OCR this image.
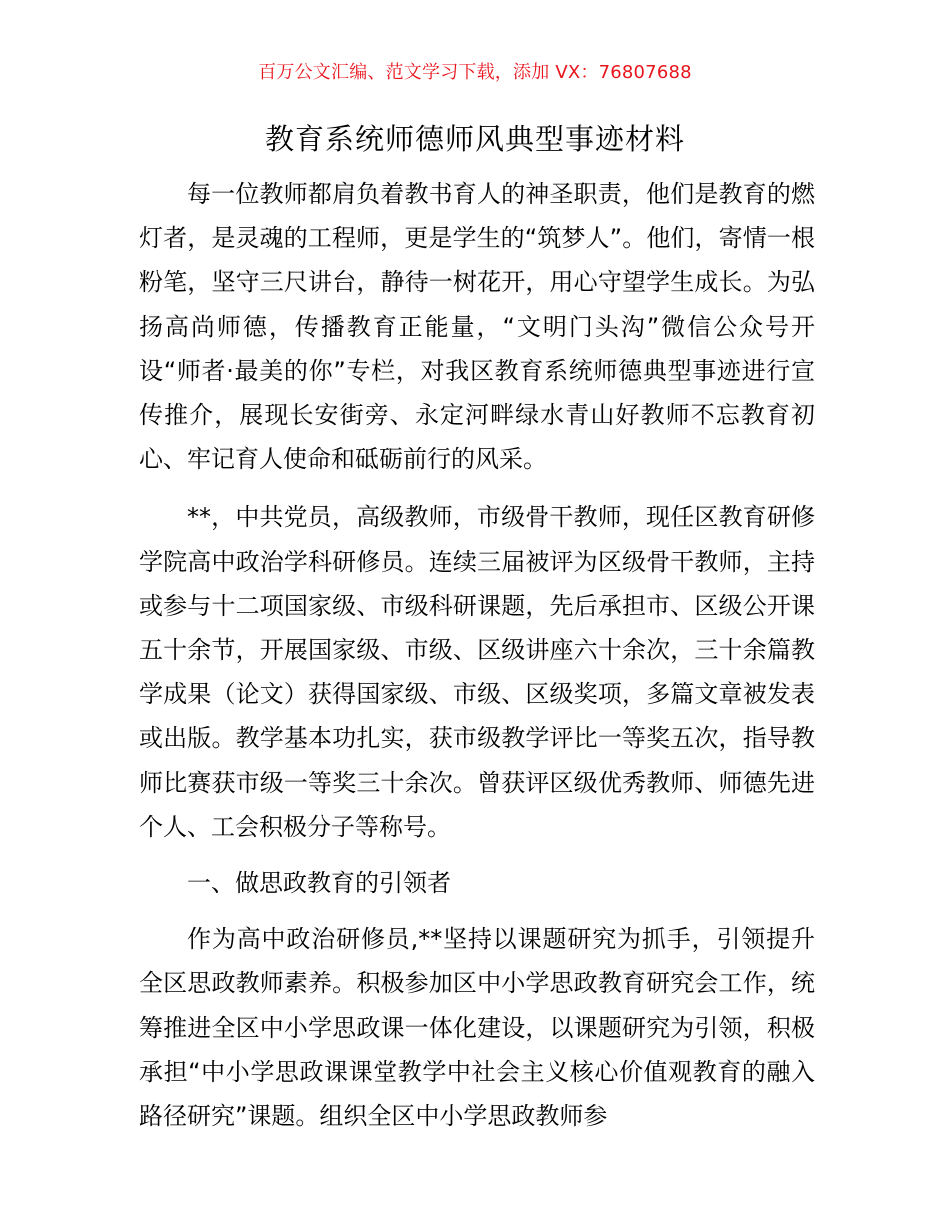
百万公文汇编、范文学习下载，添加 VX：76807688
教育系统师德师风典型事迹材料

每一位教师都肩负着教书育人的神圣职责，他们是教育的燃灯者，是灵魂的工程师，更是学生的“筑梦人”。他们，寄情一根粉笔，坚守三尺讲台，静待一树花开，用心守望学生成长。为弘扬高尚师德，传播教育正能量，“文明门头沟”微信公众号开设“师者·最美的你”专栏，对我区教育系统师德典型事迹进行宣传推介，展现长安街旁、永定河畔绿水青山好教师不忘教育初心、牢记育人使命和砥砺前行的风采。

**，中共党员，高级教师，市级骨干教师，现任区教育研修学院高中政治学科研修员。连续三届被评为区级骨干教师，主持或参与十二项国家级、市级科研课题，先后承担市、区级公开课五十余节，开展国家级、市级、区级讲座六十余次，三十余篇教学成果（论文）获得国家级、市级、区级奖项，多篇文章被发表或出版。教学基本功扎实，获市级教学评比一等奖五次，指导教师比赛获市级一等奖三十余次。曾获评区级优秀教师、师德先进个人、工会积极分子等称号。

一、做思政教育的引领者

作为高中政治研修员,**坚持以课题研究为抓手，引领提升全区思政教师素养。积极参加区中小学思政教育研究会工作，统筹推进全区中小学思政课一体化建设，以课题研究为引领，积极承担“中小学思政课课堂教学中社会主义核心价值观教育的融入路径研究”课题。组织全区中小学思政教师参
